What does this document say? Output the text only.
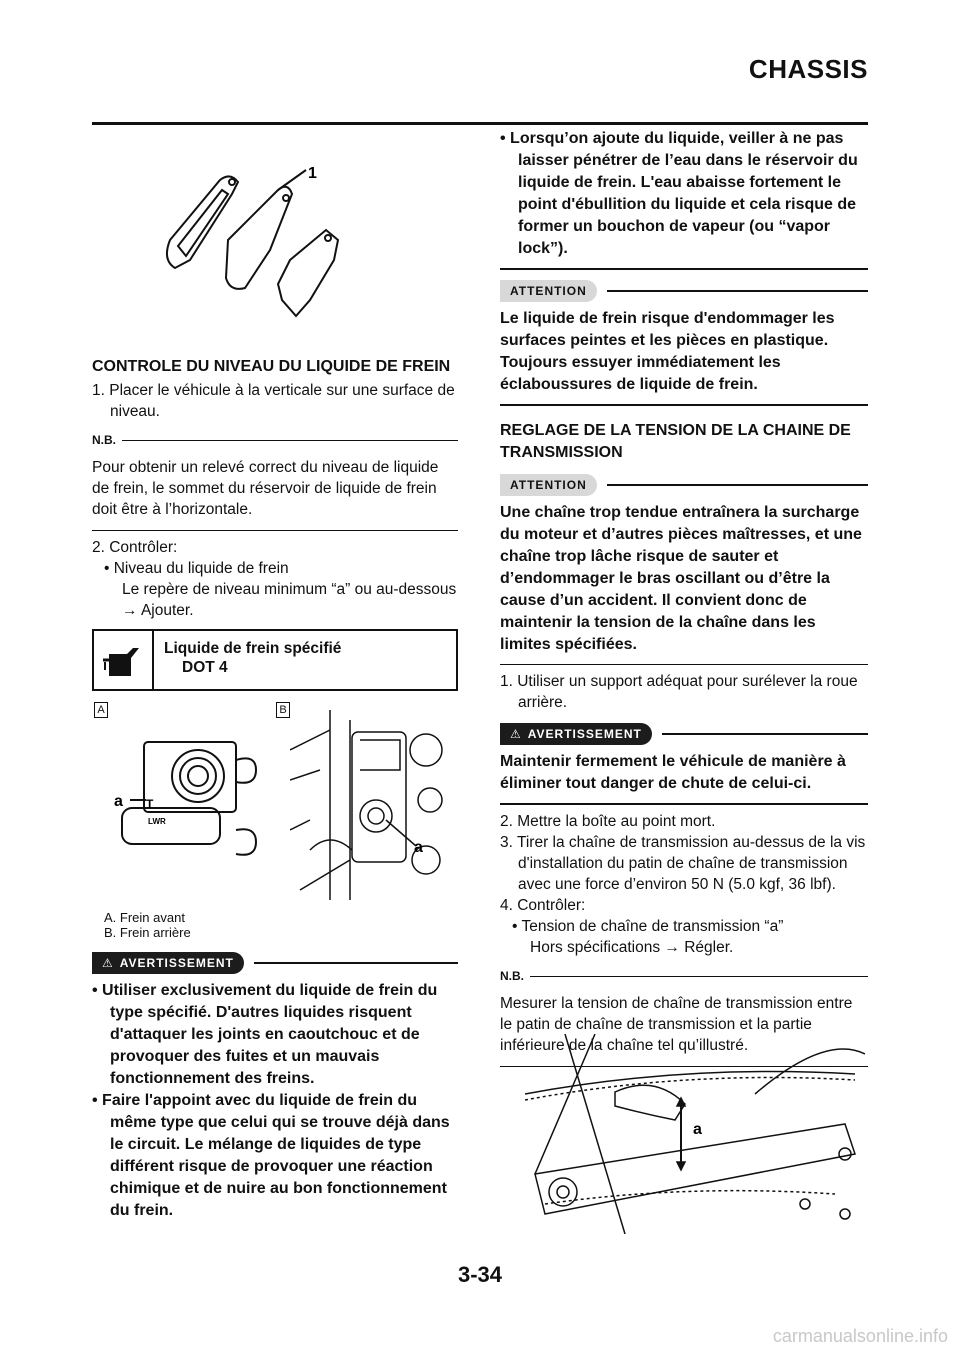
CHASSIS
1
CONTROLE DU NIVEAU DU LIQUIDE DE FREIN
1. Placer le véhicule à la verticale sur une surface de niveau.
N.B.
Pour obtenir un relevé correct du niveau de liquide de frein, le sommet du réservoir de liquide de frein doit être à l’horizontale.
2. Contrôler:
• Niveau du liquide de frein
Le repère de niveau minimum “a” ou au-dessous → Ajouter.
Liquide de frein spécifié
DOT 4
A	B
a T
LWR
a
A. Frein avant
B. Frein arrière
⚠ AVERTISSEMENT
• Utiliser exclusivement du liquide de frein du type spécifié. D'autres liquides risquent d'attaquer les joints en caoutchouc et de provoquer des fuites et un mauvais fonctionnement des freins.
• Faire l'appoint avec du liquide de frein du même type que celui qui se trouve déjà dans le circuit. Le mélange de liquides de type différent risque de provoquer une réaction chimique et de nuire au bon fonctionnement du frein.
• Lorsqu’on ajoute du liquide, veiller à ne pas laisser pénétrer de l’eau dans le réservoir du liquide de frein. L'eau abaisse fortement le point d'ébullition du liquide et cela risque de former un bouchon de vapeur (ou “vapor lock”).
ATTENTION
Le liquide de frein risque d'endommager les surfaces peintes et les pièces en plastique. Toujours essuyer immédiatement les éclaboussures de liquide de frein.
REGLAGE DE LA TENSION DE LA CHAINE DE TRANSMISSION
ATTENTION
Une chaîne trop tendue entraînera la surcharge du moteur et d’autres pièces maîtresses, et une chaîne trop lâche risque de sauter et d’endommager le bras oscillant ou d’être la cause d’un accident. Il convient donc de maintenir la tension de la chaîne dans les limites spécifiées.
1. Utiliser un support adéquat pour surélever la roue arrière.
⚠ AVERTISSEMENT
Maintenir fermement le véhicule de manière à éliminer tout danger de chute de celui-ci.
2. Mettre la boîte au point mort.
3. Tirer la chaîne de transmission au-dessus de la vis d'installation du patin de chaîne de transmission avec une force d’environ 50 N (5.0 kgf, 36 lbf).
4. Contrôler:
• Tension de chaîne de transmission “a”
Hors spécifications → Régler.
N.B.
Mesurer la tension de chaîne de transmission entre le patin de chaîne de transmission et la partie inférieure de la chaîne tel qu’illustré.
a
3-34
carmanualsonline.info
